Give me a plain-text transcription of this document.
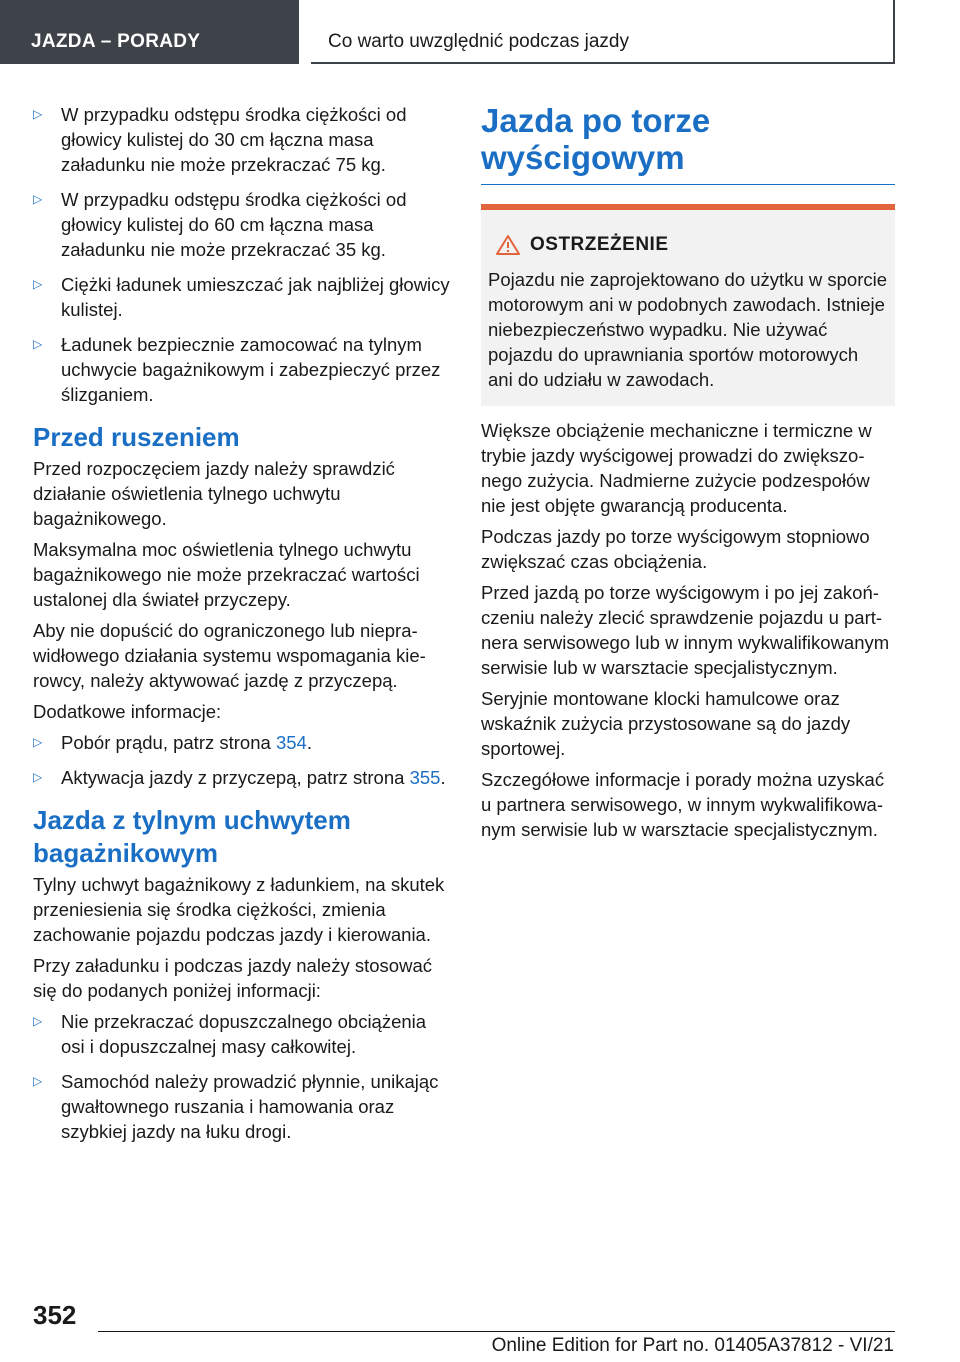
JAZDA – PORADY	Co warto uwzględnić podczas jazdy
▷ W przypadku odstępu środka ciężkości od głowicy kulistej do 30 cm łączna masa załadunku nie może przekraczać 75 kg.
▷ W przypadku odstępu środka ciężkości od głowicy kulistej do 60 cm łączna masa załadunku nie może przekraczać 35 kg.
▷ Ciężki ładunek umieszczać jak najbliżej głowicy kulistej.
▷ Ładunek bezpiecznie zamocować na tylnym uchwycie bagażnikowym i zabezpieczyć przez ślizganiem.
Przed ruszeniem

Przed rozpoczęciem jazdy należy sprawdzić działanie oświetlenia tylnego uchwytu bagażnikowego.

Maksymalna moc oświetlenia tylnego uchwytu bagażnikowego nie może przekraczać wartości ustalonej dla świateł przyczepy.

Aby nie dopuścić do ograniczonego lub nieprawidłowego działania systemu wspomagania kierowcy, należy aktywować jazdę z przyczepą.

Dodatkowe informacje:

▷ Pobór prądu, patrz strona 354.
▷ Aktywacja jazdy z przyczepą, patrz strona 355.
Jazda z tylnym uchwytem bagażnikowym

Tylny uchwyt bagażnikowy z ładunkiem, na skutek przeniesienia się środka ciężkości, zmienia zachowanie pojazdu podczas jazdy i kierowania.

Przy załadunku i podczas jazdy należy stosować się do podanych poniżej informacji:

▷ Nie przekraczać dopuszczalnego obciążenia osi i dopuszczalnej masy całkowitej.
▷ Samochód należy prowadzić płynnie, unikając gwałtownego ruszania i hamowania oraz szybkiej jazdy na łuku drogi.
Jazda po torze wyścigowym
OSTRZEŻENIE

Pojazdu nie zaprojektowano do użytku w sporcie motorowym ani w podobnych zawodach. Istnieje niebezpieczeństwo wypadku. Nie używać pojazdu do uprawniania sportów motorowych ani do udziału w zawodach.

Większe obciążenie mechaniczne i termiczne w trybie jazdy wyścigowej prowadzi do zwiększonego zużycia. Nadmierne zużycie podzespołów nie jest objęte gwarancją producenta.

Podczas jazdy po torze wyścigowym stopniowo zwiększać czas obciążenia.

Przed jazdą po torze wyścigowym i po jej zakończeniu należy zlecić sprawdzenie pojazdu u partnera serwisowego lub w innym wykwalifikowanym serwisie lub w warsztacie specjalistycznym.

Seryjnie montowane klocki hamulcowe oraz wskaźnik zużycia przystosowane są do jazdy sportowej.

Szczegółowe informacje i porady można uzyskać u partnera serwisowego, w innym wykwalifikowanym serwisie lub w warsztacie specjalistycznym.

352
Online Edition for Part no. 01405A37812 - VI/21
